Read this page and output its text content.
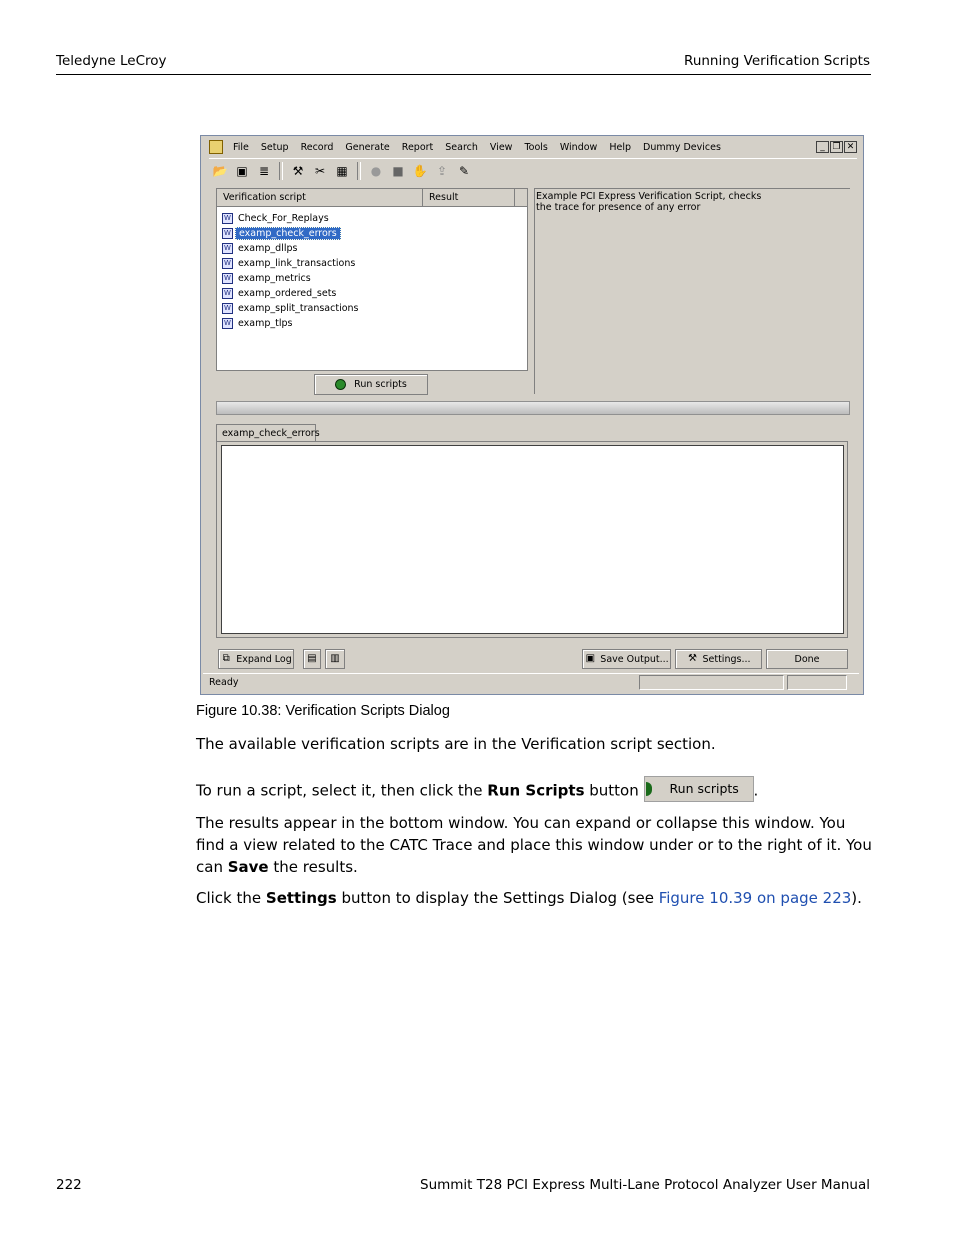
Teledyne LeCroy	Running Verification Scripts
File Setup Record Generate Report Search View Tools Window Help Dummy Devices	_ ❐ ✕
📂 ▣ ≣ ⚒ ✂ ▦ ● ■ ✋ ⇪ ✎
Verification script	Result
W Check_For_Replays
W examp_check_errors
W examp_dllps
W examp_link_transactions
W examp_metrics
W examp_ordered_sets
W examp_split_transactions
W examp_tlps
Example PCI Express Verification Script, checks
the trace for presence of any error
Run scripts
examp_check_errors
⧉ Expand Log ▤ ▥	▣ Save Output... ⚒ Settings...	Done
Ready
Figure 10.38: Verification Scripts Dialog
The available verification scripts are in the Verification script section.
To run a script, select it, then click the Run Scripts button Run scripts .
The results appear in the bottom window. You can expand or collapse this window. You find a view related to the CATC Trace and place this window under or to the right of it. You can Save the results.
Click the Settings button to display the Settings Dialog (see Figure 10.39 on page 223).
222	Summit T28 PCI Express Multi-Lane Protocol Analyzer User Manual
